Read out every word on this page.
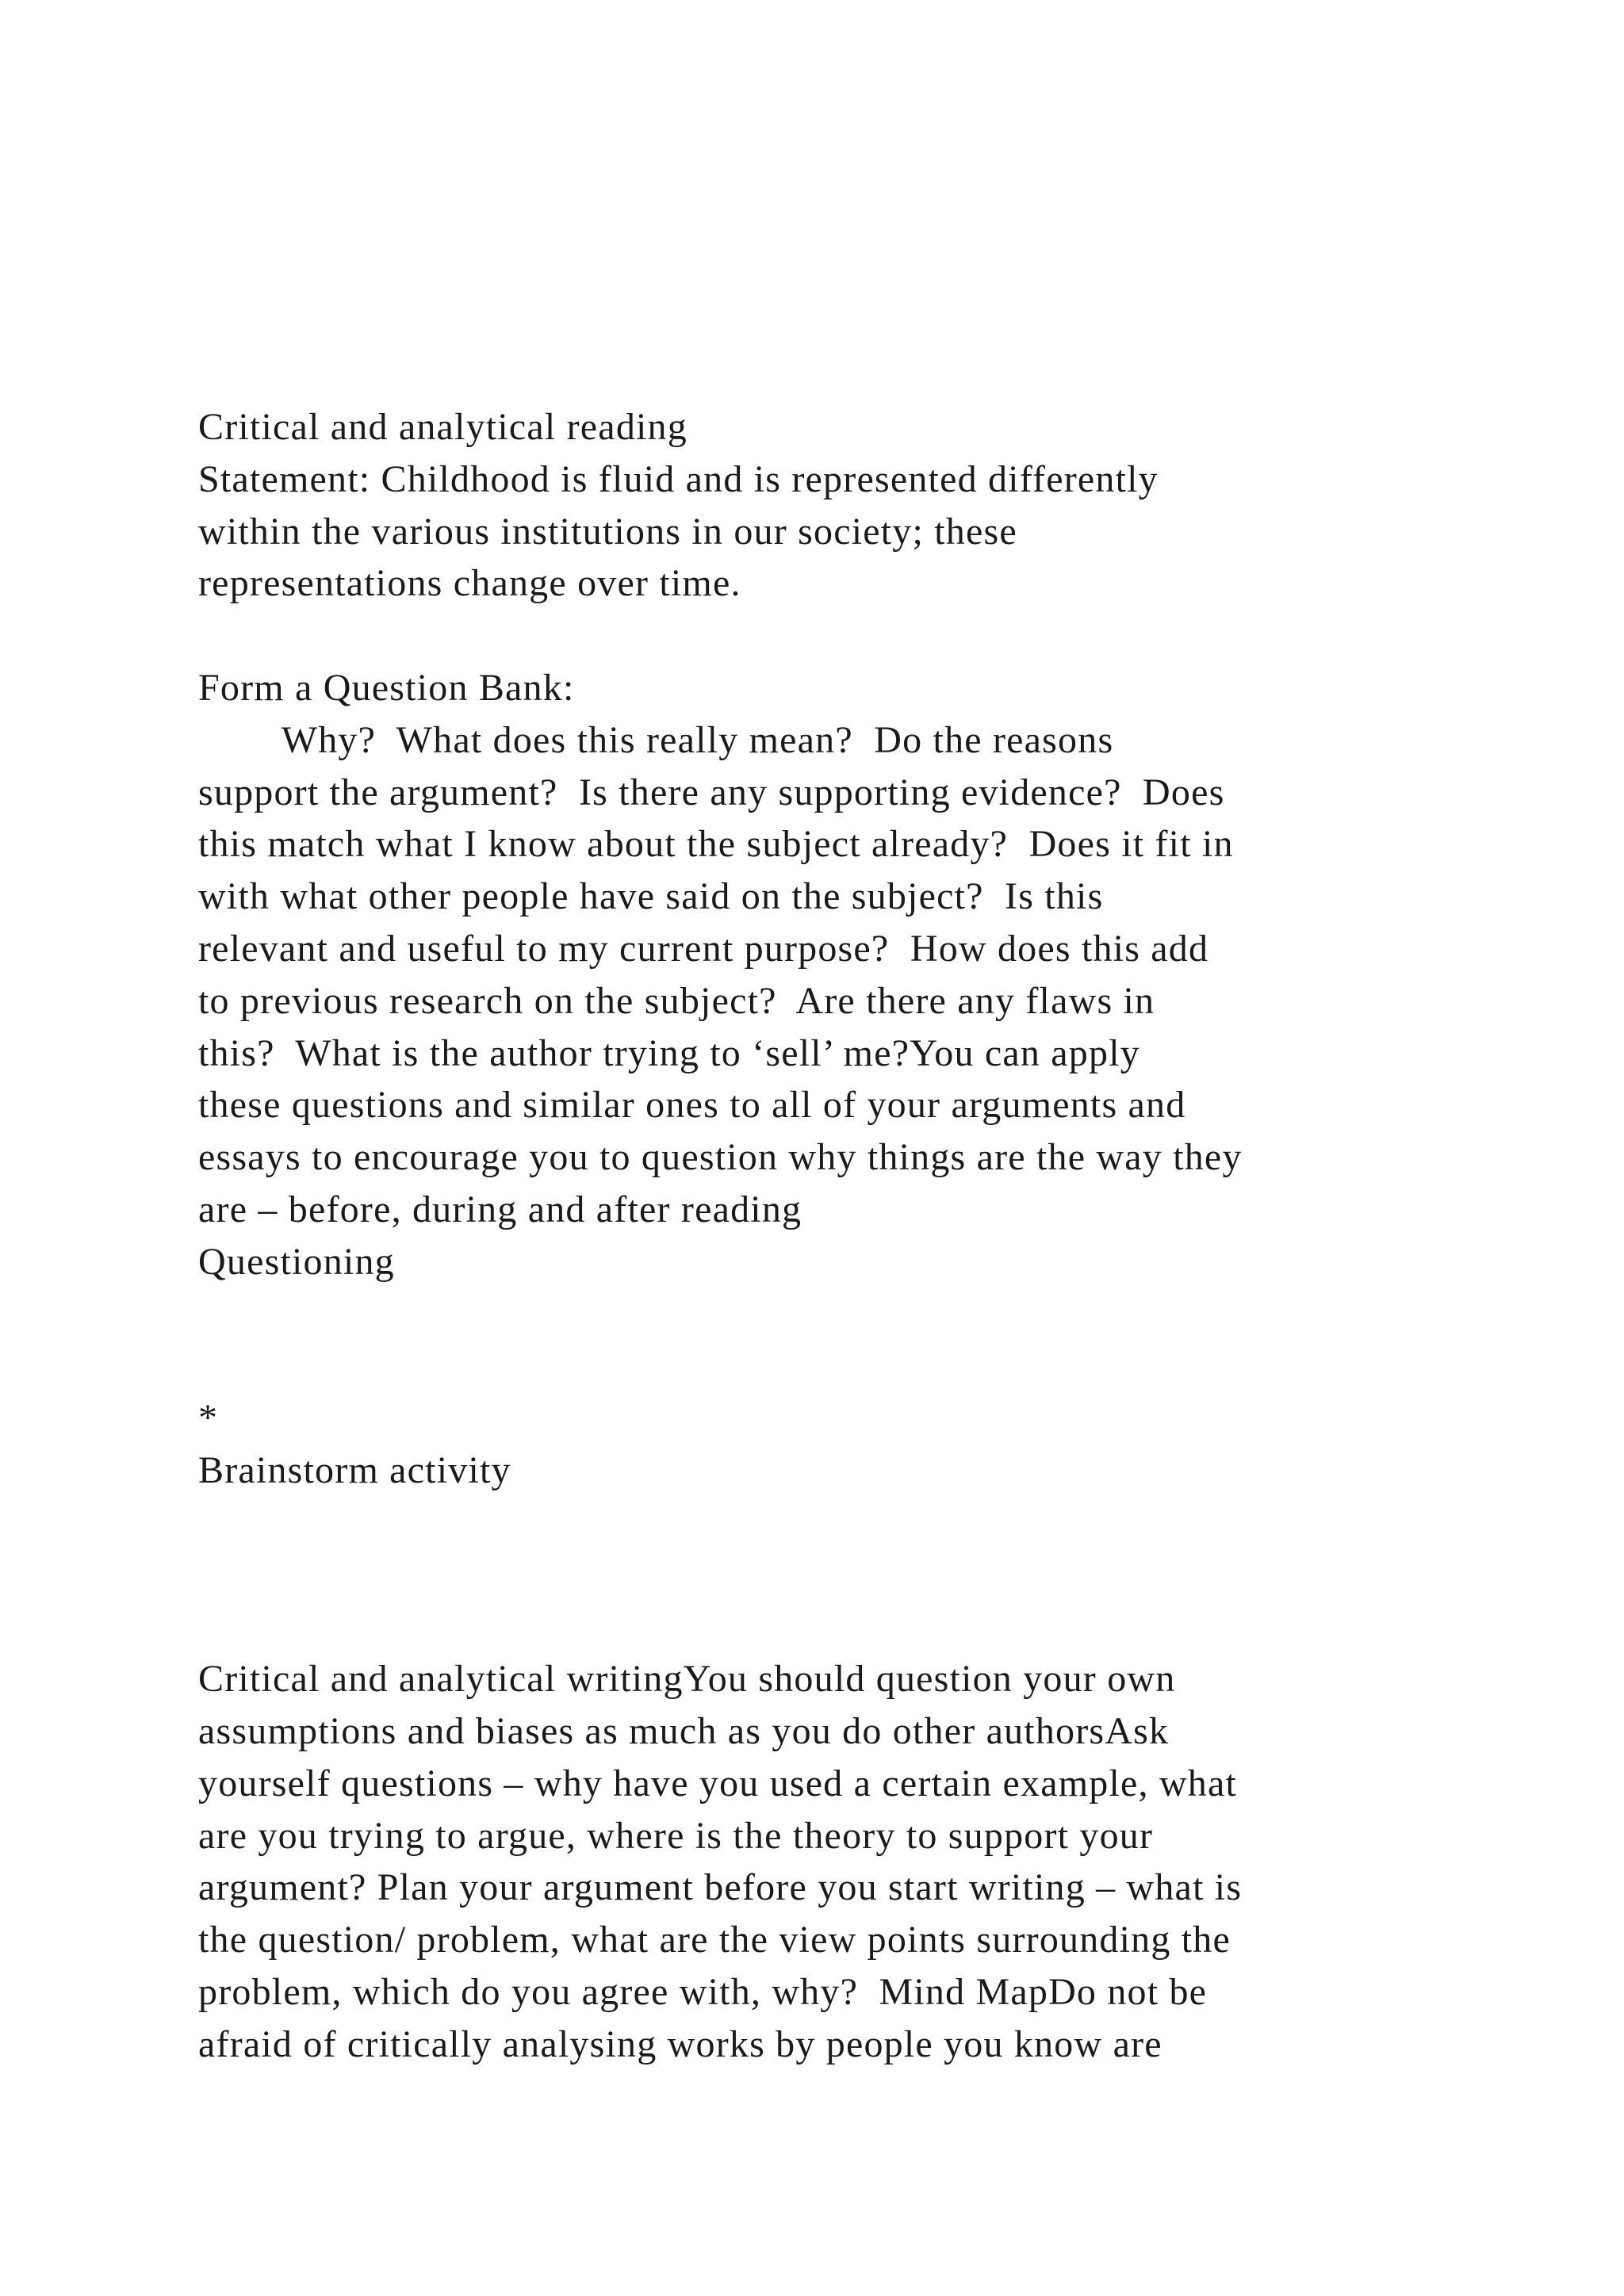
Critical and analytical reading
Statement: Childhood is fluid and is represented differently
within the various institutions in our society; these
representations change over time.
Form a Question Bank:
Why?  What does this really mean?  Do the reasons
support the argument?  Is there any supporting evidence?  Does
this match what I know about the subject already?  Does it fit in
with what other people have said on the subject?  Is this
relevant and useful to my current purpose?  How does this add
to previous research on the subject?  Are there any flaws in
this?  What is the author trying to ‘sell’ me?You can apply
these questions and similar ones to all of your arguments and
essays to encourage you to question why things are the way they
are – before, during and after reading
Questioning
*
Brainstorm activity
Critical and analytical writingYou should question your own
assumptions and biases as much as you do other authorsAsk
yourself questions – why have you used a certain example, what
are you trying to argue, where is the theory to support your
argument? Plan your argument before you start writing – what is
the question/ problem, what are the view points surrounding the
problem, which do you agree with, why?  Mind MapDo not be
afraid of critically analysing works by people you know are
